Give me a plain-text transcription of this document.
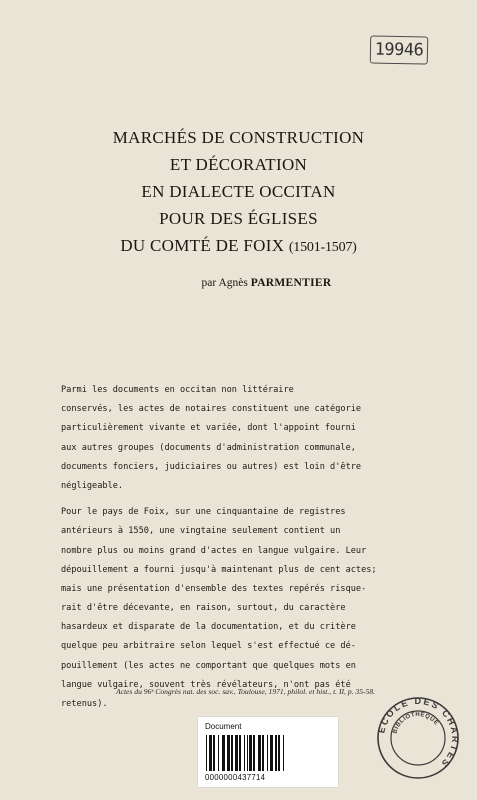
19946
MARCHÉS DE CONSTRUCTION
ET DÉCORATION
EN DIALECTE OCCITAN
POUR DES ÉGLISES
DU COMTÉ DE FOIX (1501-1507)
par Agnès PARMENTIER
Parmi les documents en occitan non littéraire
conservés, les actes de notaires constituent une catégorie
particulièrement vivante et variée, dont l'appoint fourni
aux autres groupes (documents d'administration communale,
documents fonciers, judiciaires ou autres) est loin d'être
négligeable.
Pour le pays de Foix, sur une cinquantaine de registres
antérieurs à 1550, une vingtaine seulement contient un
nombre plus ou moins grand d'actes en langue vulgaire. Leur
dépouillement a fourni jusqu'à maintenant plus de cent actes;
mais une présentation d'ensemble des textes repérés risque-
rait d'être décevante, en raison, surtout, du caractère
hasardeux et disparate de la documentation, et du critère
quelque peu arbitraire selon lequel s'est effectué ce dé-
pouillement (les actes ne comportant que quelques mots en
langue vulgaire, souvent très révélateurs, n'ont pas été
retenus).
Actes du 96ᵉ Congrès nat. des soc. sav., Toulouse, 1971, philol. et hist., t. II, p. 35-58.
Document
0000000437714
ECOLE DES CHARTES
BIBLIOTHÈQUE
